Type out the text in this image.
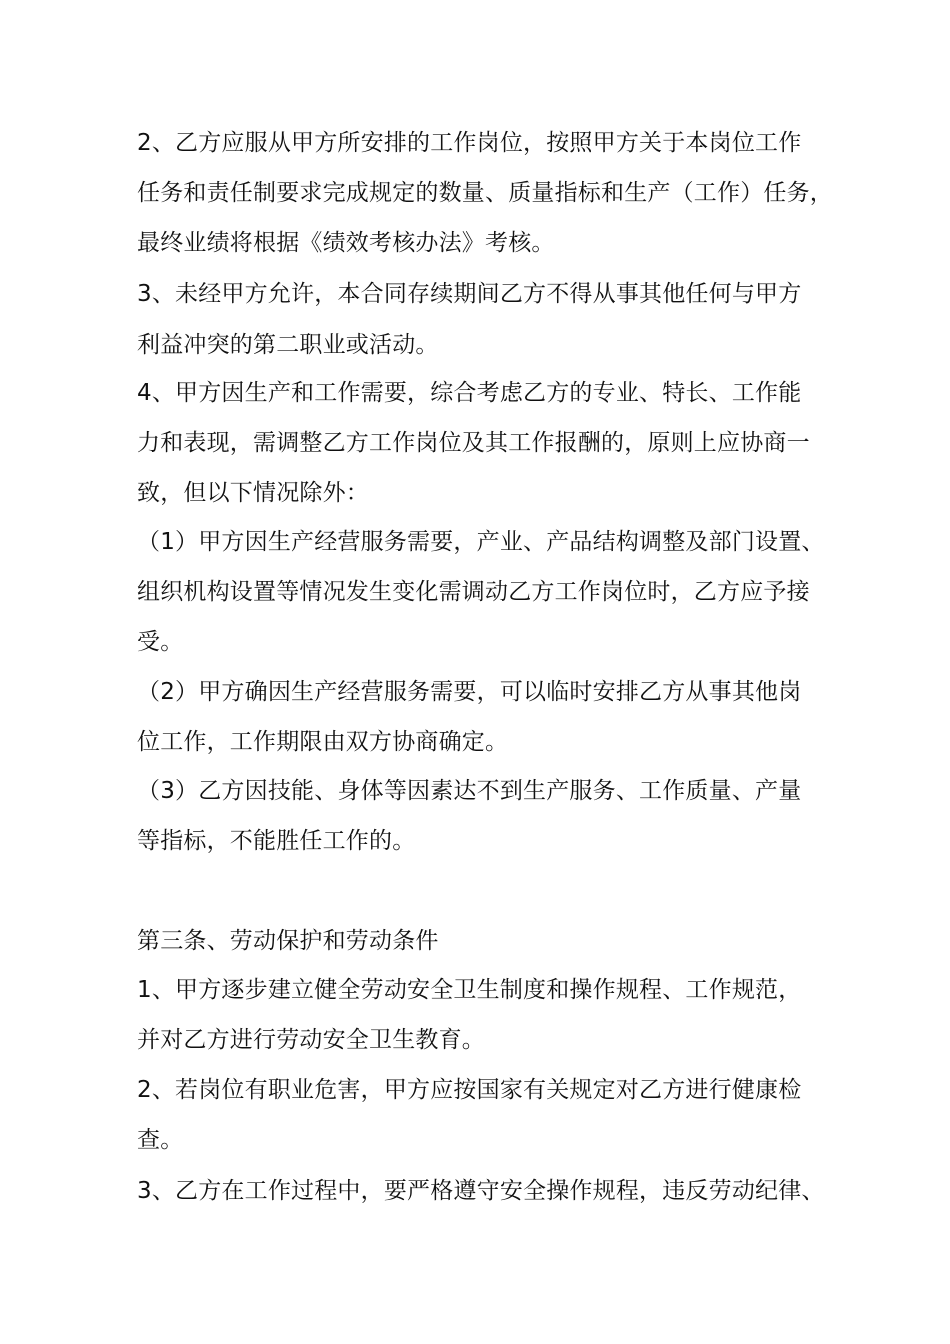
2、乙方应服从甲方所安排的工作岗位，按照甲方关于本岗位工作
任务和责任制要求完成规定的数量、质量指标和生产（工作）任务，
最终业绩将根据《绩效考核办法》考核。
3、未经甲方允许，本合同存续期间乙方不得从事其他任何与甲方
利益冲突的第二职业或活动。
4、甲方因生产和工作需要，综合考虑乙方的专业、特长、工作能
力和表现，需调整乙方工作岗位及其工作报酬的，原则上应协商一
致，但以下情况除外：
（1）甲方因生产经营服务需要，产业、产品结构调整及部门设置、
组织机构设置等情况发生变化需调动乙方工作岗位时，乙方应予接
受。
（2）甲方确因生产经营服务需要，可以临时安排乙方从事其他岗
位工作，工作期限由双方协商确定。
（3）乙方因技能、身体等因素达不到生产服务、工作质量、产量
等指标，不能胜任工作的。
第三条、劳动保护和劳动条件
1、甲方逐步建立健全劳动安全卫生制度和操作规程、工作规范，
并对乙方进行劳动安全卫生教育。
2、若岗位有职业危害，甲方应按国家有关规定对乙方进行健康检
查。
3、乙方在工作过程中，要严格遵守安全操作规程，违反劳动纪律、
